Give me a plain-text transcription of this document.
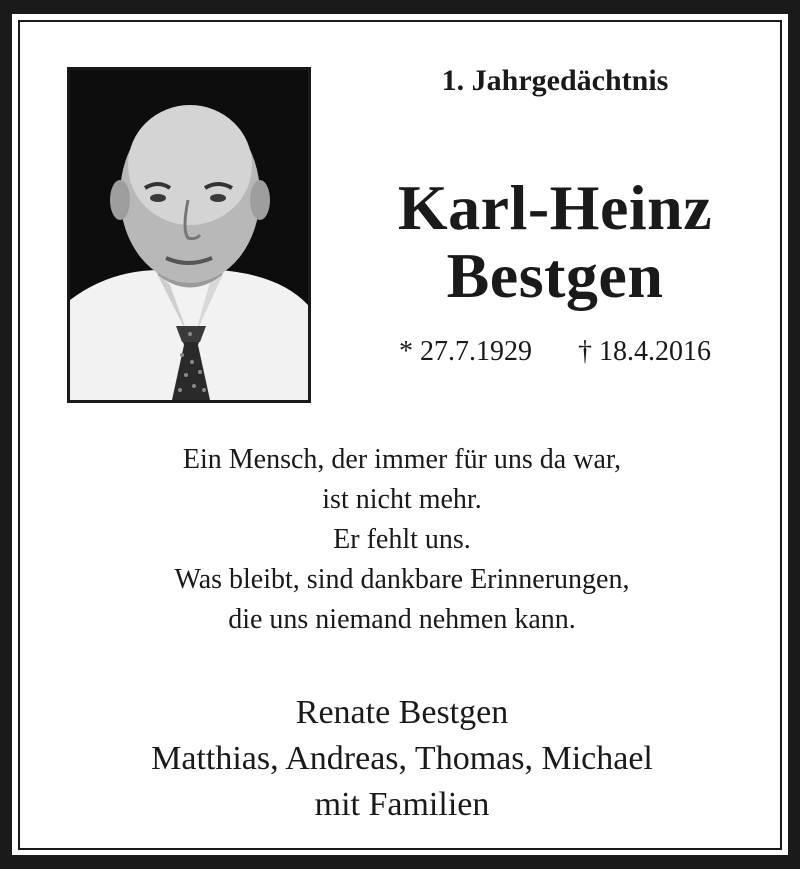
1. Jahrgedächtnis
Karl-Heinz
Bestgen
* 27.7.1929 † 18.4.2016
Ein Mensch, der immer für uns da war,
ist nicht mehr.
Er fehlt uns.
Was bleibt, sind dankbare Erinnerungen,
die uns niemand nehmen kann.
Renate Bestgen
Matthias, Andreas, Thomas, Michael
mit Familien
